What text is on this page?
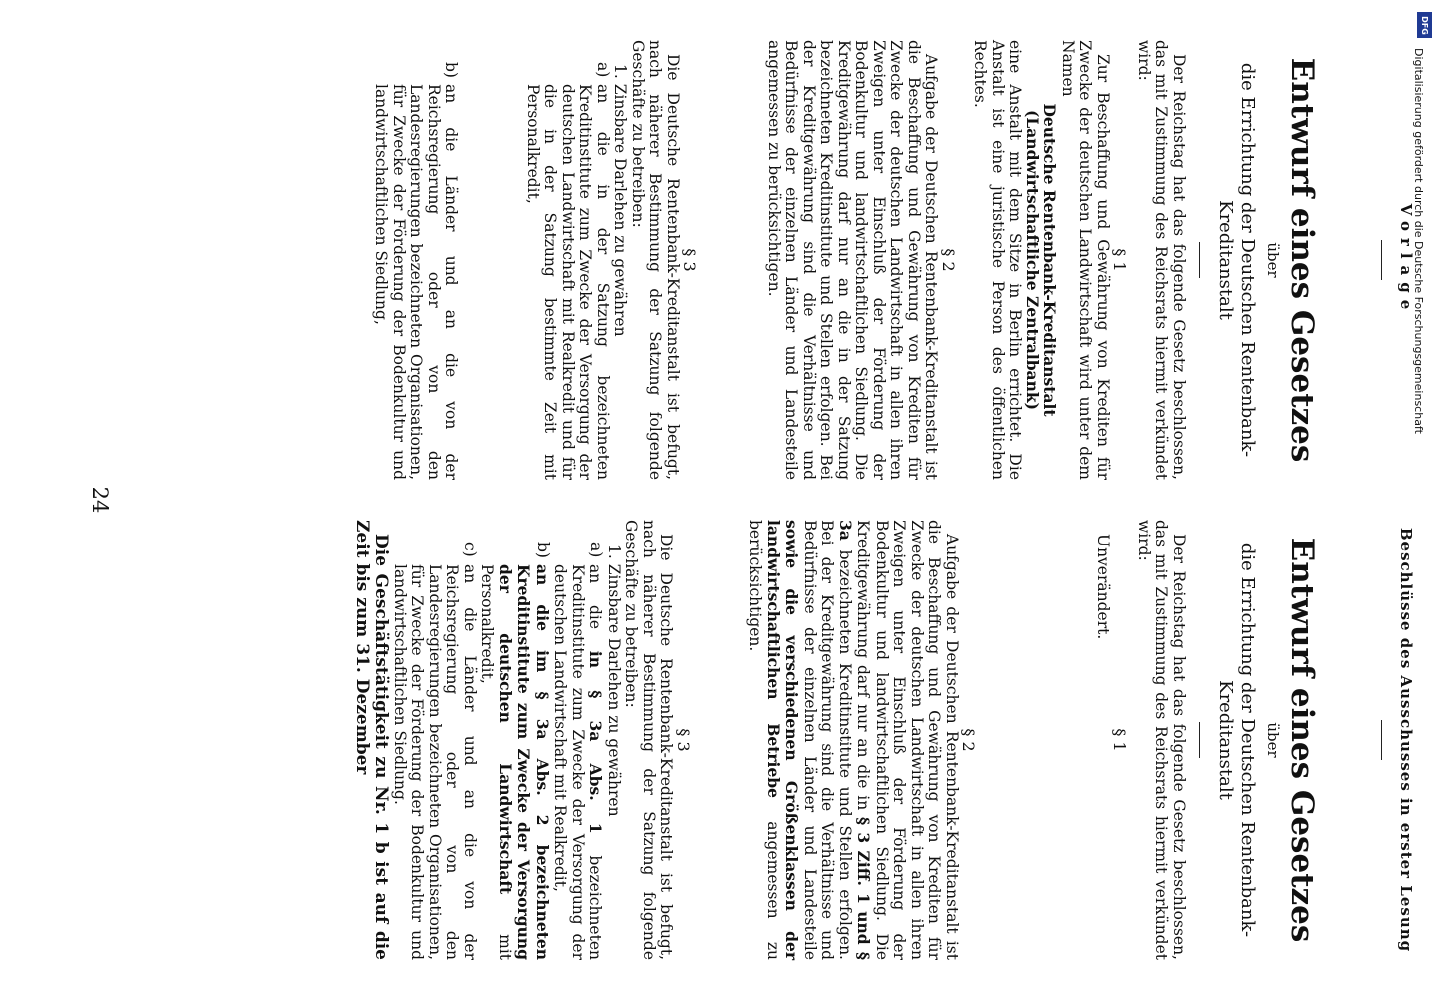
24
Vorlage
Entwurf eines Gesetzes
über
die Errichtung der Deutschen Rentenbank-Kreditanstalt

Der Reichstag hat das folgende Gesetz beschlossen, das mit Zustimmung des Reichsrats hiermit verkündet wird:

§ 1

Zur Beschaffung und Gewährung von Krediten für Zwecke der deutschen Landwirtschaft wird unter dem Namen

Deutsche Rentenbank-Kreditanstalt (Landwirtschaftliche Zentralbank)

eine Anstalt mit dem Sitze in Berlin errichtet. Die Anstalt ist eine juristische Person des öffentlichen Rechtes.

§ 2

Aufgabe der Deutschen Rentenbank-Kreditanstalt ist die Beschaffung und Gewährung von Krediten für Zwecke der deutschen Landwirtschaft in allen ihren Zweigen unter Einschluß der Förderung der Bodenkultur und landwirtschaftlichen Siedlung. Die Kreditgewährung darf nur an die in der Satzung bezeichneten Kreditinstitute und Stellen erfolgen. Bei der Kreditgewährung sind die Verhältnisse und Bedürfnisse der einzelnen Länder und Landesteile angemessen zu berücksichtigen.

§ 3

Die Deutsche Rentenbank-Kreditanstalt ist befugt, nach näherer Bestimmung der Satzung folgende Geschäfte zu betreiben:

1. Zinsbare Darlehen zu gewähren

a)
an die in der Satzung bezeichneten Kreditinstitute zum Zwecke der Versorgung der deutschen Landwirtschaft mit Realkredit und für die in der Satzung bestimmte Zeit mit Personalkredit,

b)
an die Länder und an die von der Reichsregierung oder von den Landesregierungen bezeichneten Organisationen, für Zwecke der Förderung der Bodenkultur und landwirtschaftlichen Siedlung,

Beschlüsse des Ausschusses in erster Lesung
Entwurf eines Gesetzes
über
die Errichtung der Deutschen Rentenbank-Kreditanstalt

Der Reichstag hat das folgende Gesetz beschlossen, das mit Zustimmung des Reichsrats hiermit verkündet wird:

§ 1

Unverändert.

§ 2

Aufgabe der Deutschen Rentenbank-Kreditanstalt ist die Beschaffung und Gewährung von Krediten für Zwecke der deutschen Landwirtschaft in allen ihren Zweigen unter Einschluß der Förderung der Bodenkultur und landwirtschaftlichen Siedlung. Die Kreditgewährung darf nur an die in § 3 Ziff. 1 und § 3a bezeichneten Kreditinstitute und Stellen erfolgen. Bei der Kreditgewährung sind die Verhältnisse und Bedürfnisse der einzelnen Länder und Landesteile sowie die verschiedenen Größenklassen der landwirtschaftlichen Betriebe angemessen zu berücksichtigen.

§ 3

Die Deutsche Rentenbank-Kreditanstalt ist befugt, nach näherer Bestimmung der Satzung folgende Geschäfte zu betreiben:

1. Zinsbare Darlehen zu gewähren

a)
an die in § 3a Abs. 1 bezeichneten Kreditinstitute zum Zwecke der Versorgung der deutschen Landwirtschaft mit Realkredit,

b)
an die im § 3a Abs. 2 bezeichneten Kreditinstitute zum Zwecke der Versorgung der deutschen Landwirtschaft mit Personalkredit,

c)
an die Länder und an die von der Reichsregierung oder von den Landesregierungen bezeichneten Organisationen, für Zwecke der Förderung der Bodenkultur und landwirtschaftlichen Siedlung.

Die Geschäftstätigkeit zu Nr. 1 b ist auf die Zeit bis zum 31. Dezember

DFG
Digitalisierung gefördert durch die Deutsche Forschungsgemeinschaft
